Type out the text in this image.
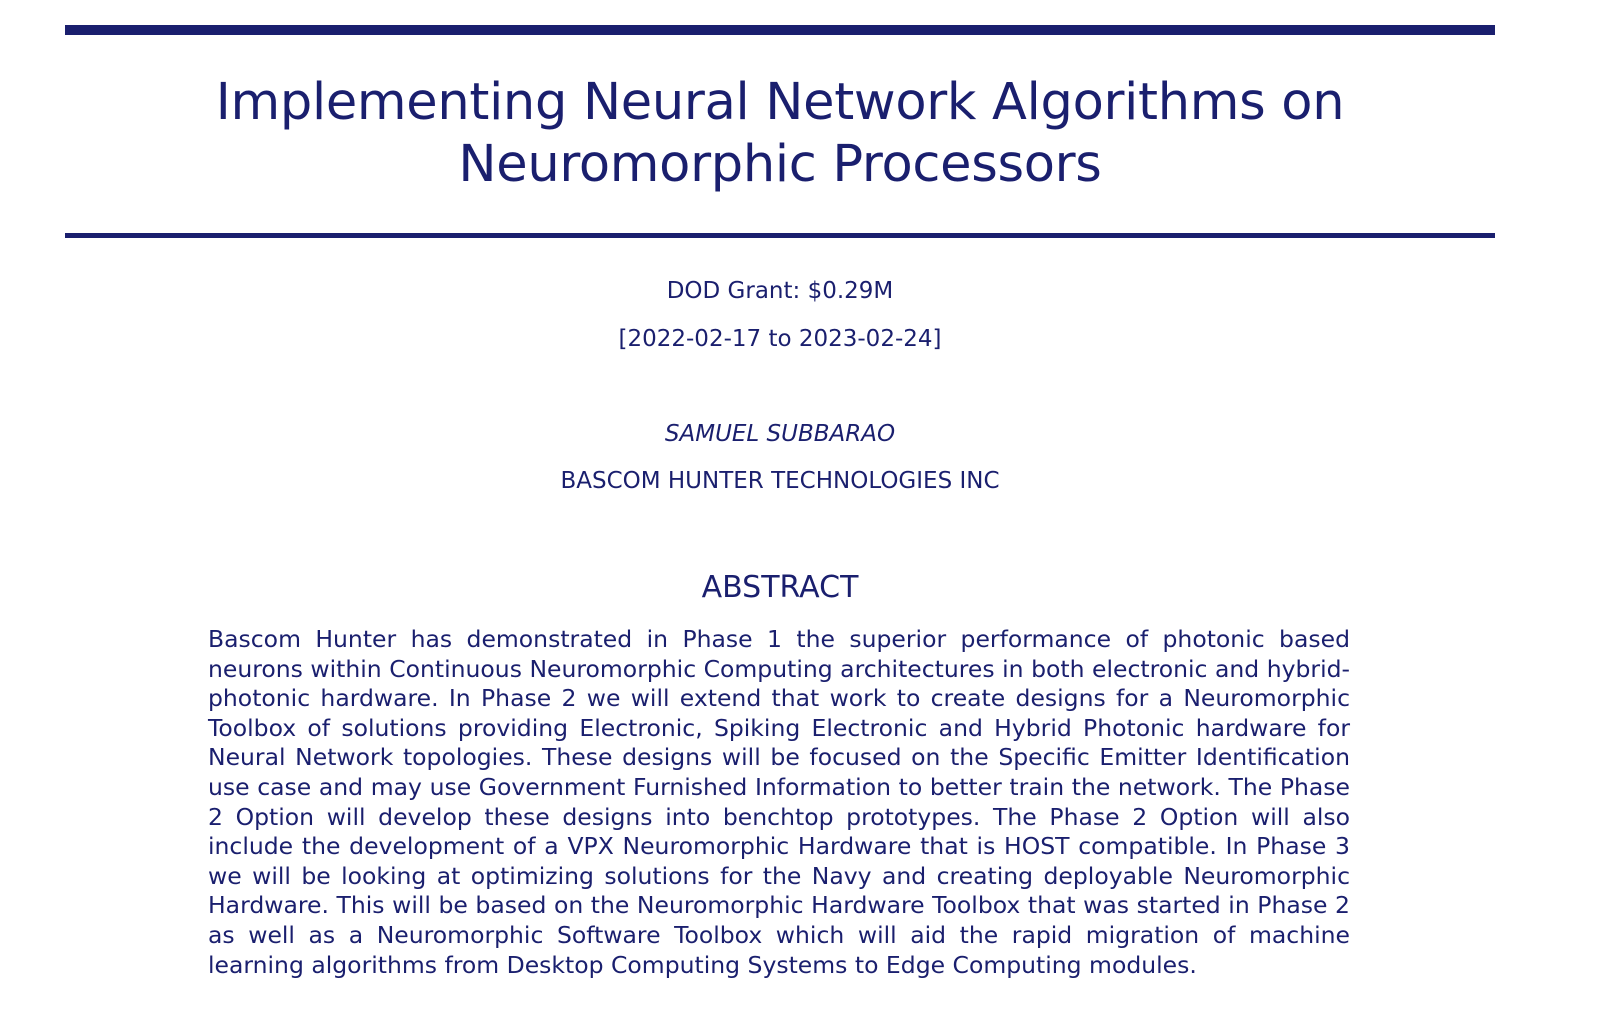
Implementing Neural Network Algorithms on Neuromorphic Processors
DOD Grant: $0.29M
[2022-02-17 to 2023-02-24]
SAMUEL SUBBARAO
BASCOM HUNTER TECHNOLOGIES INC
ABSTRACT

Bascom Hunter has demonstrated in Phase 1 the superior performance of photonic based neurons within Continuous Neuromorphic Computing architectures in both electronic and hybrid-photonic hardware. In Phase 2 we will extend that work to create designs for a Neuromorphic Toolbox of solutions providing Electronic, Spiking Electronic and Hybrid Photonic hardware for Neural Network topologies. These designs will be focused on the Specific Emitter Identification use case and may use Government Furnished Information to better train the network. The Phase 2 Option will develop these designs into benchtop prototypes. The Phase 2 Option will also include the development of a VPX Neuromorphic Hardware that is HOST compatible. In Phase 3 we will be looking at optimizing solutions for the Navy and creating deployable Neuromorphic Hardware. This will be based on the Neuromorphic Hardware Toolbox that was started in Phase 2 as well as a Neuromorphic Software Toolbox which will aid the rapid migration of machine learning algorithms from Desktop Computing Systems to Edge Computing modules.
